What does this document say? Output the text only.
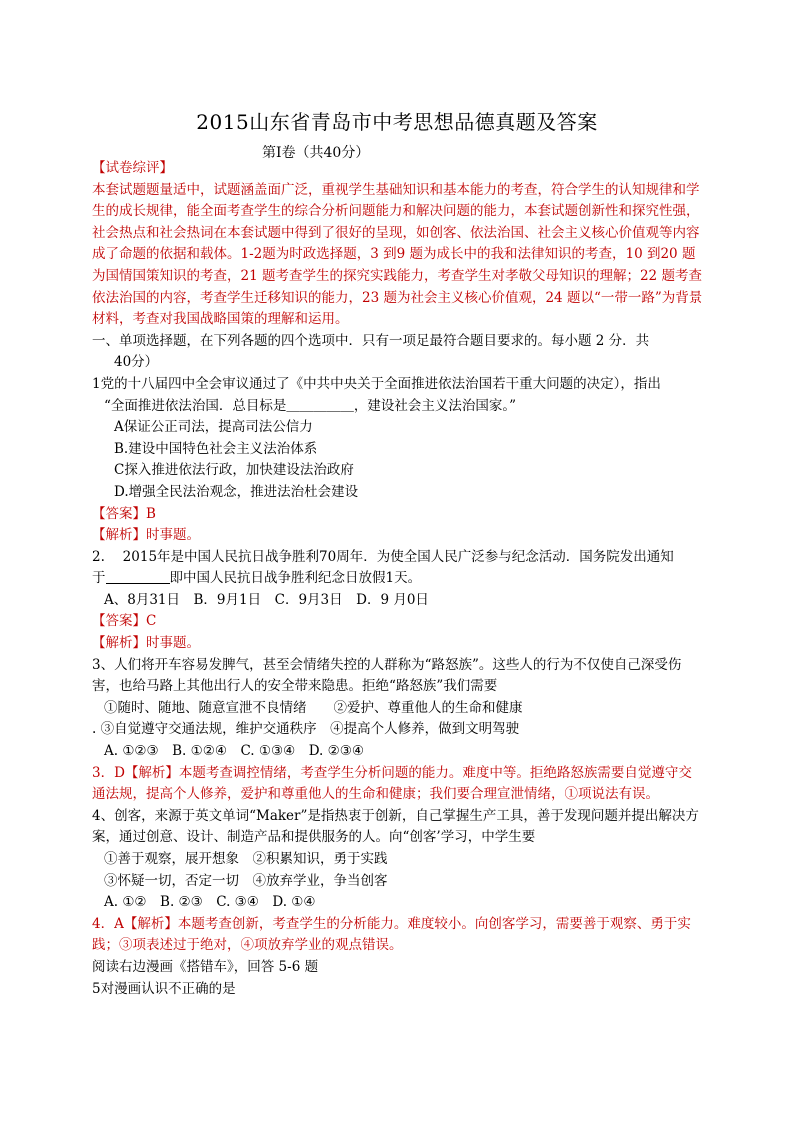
2015山东省青岛市中考思想品德真题及答案
第Ⅰ卷（共40分）

【试卷综评】

本套试题题量适中，试题涵盖面广泛，重视学生基础知识和基本能力的考查，符合学生的认知规律和学生的成长规律，能全面考查学生的综合分析问题能力和解决问题的能力，本套试题创新性和探究性强，社会热点和社会热词在本套试题中得到了很好的呈现，如创客、依法治国、社会主义核心价值观等内容成了命题的依据和载体。1-2题为时政选择题，3 到9 题为成长中的我和法律知识的考查，10 到20 题为国情国策知识的考查，21 题考查学生的探究实践能力，考查学生对孝敬父母知识的理解；22 题考查依法治国的内容，考查学生迁移知识的能力，23 题为社会主义核心价值观，24 题以“一带一路”为背景材料，考查对我国战略国策的理解和运用。

一、单项选择题，在下列各题的四个选项中．只有一项足最符合题目要求的。每小题 2 分．共

40分）

1党的十八届四中全会审议通过了《中共中央关于全面推进依法治国若干重大问题的决定），指出

“全面推进依法治国．总目标是＿＿＿＿＿，建设社会主义法治国家。”

A保证公正司法，提高司法公信力

B.建设中国特色社会主义法治体系

C探入推进依法行政，加快建设法治政府

D.增强全民法治观念，推进法治杜会建设

【答案】B

【解析】时事题。

2.　 2015年是中国人民抗日战争胜利70周年．为使全国人民广泛参与纪念活动．国务院发出通知

于	即中国人民抗日战争胜利纪念日放假1天。

A、8月31日　B．9月1日　C．9月3日　D．9 月0日

【答案】C

【解析】时事题。

3、人们将开车容易发脾气，甚至会情绪失控的人群称为“路怒族”。这些人的行为不仅使自己深受伤害，也给马路上其他出行人的安全带来隐患。拒绝“路怒族”我们需要

①随时、随地、随意宣泄不良情绪　　②爱护、尊重他人的生命和健康

. ③自觉遵守交通法规，维护交通秩序　④提高个人修养，做到文明驾驶

A. ①②③　B. ①②④　C. ①③④　D. ②③④

3．D【解析】本题考查调控情绪，考查学生分析问题的能力。难度中等。拒绝路怒族需要自觉遵守交通法规，提高个人修养，爱护和尊重他人的生命和健康；我们要合理宣泄情绪，①项说法有误。

4、创客，来源于英文单词“Maker”是指热衷于创新，自己掌握生产工具，善于发现问题并提出解决方案，通过创意、设计、制造产品和提供服务的人。向“创客’学习，中学生要

①善于观察，展开想象　②积累知识，勇于实践

③怀疑一切，否定一切　④放弃学业，争当创客

A. ①②　B. ②③　C. ③④　D. ①④

4．A【解析】本题考查创新，考查学生的分析能力。难度较小。向创客学习，需要善于观察、勇于实践；③项表述过于绝对，④项放弃学业的观点错误。

阅读右边漫画《搭错车》，回答 5-6 题

5对漫画认识不正确的是
